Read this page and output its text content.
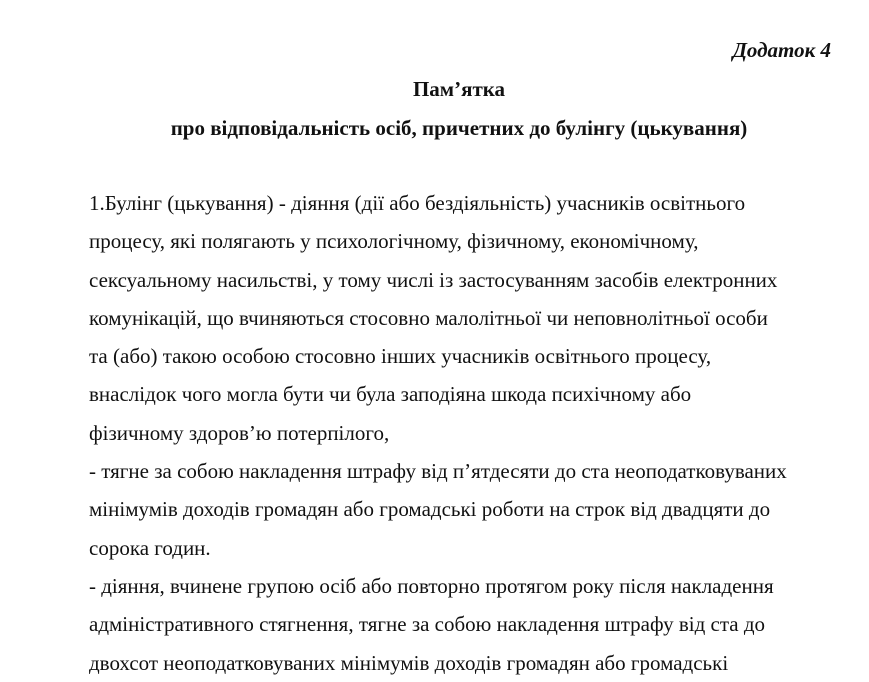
Додаток 4
Пам’ятка
про відповідальність осіб, причетних до булінгу (цькування)
1.Булінг (цькування) - діяння (дії або бездіяльність) учасників освітнього
процесу, які полягають у психологічному, фізичному, економічному,
сексуальному насильстві, у тому числі із застосуванням засобів електронних
комунікацій, що вчиняються стосовно малолітньої чи неповнолітньої особи
та (або) такою особою стосовно інших учасників освітнього процесу,
внаслідок чого могла бути чи була заподіяна шкода психічному або
фізичному здоров’ю потерпілого,
- тягне за собою накладення штрафу від п’ятдесяти до ста неоподатковуваних
мінімумів доходів громадян або громадські роботи на строк від двадцяти до
сорока годин.
- діяння, вчинене групою осіб або повторно протягом року після накладення
адміністративного стягнення, тягне за собою накладення штрафу від ста до
двохсот неоподатковуваних мінімумів доходів громадян або громадські
